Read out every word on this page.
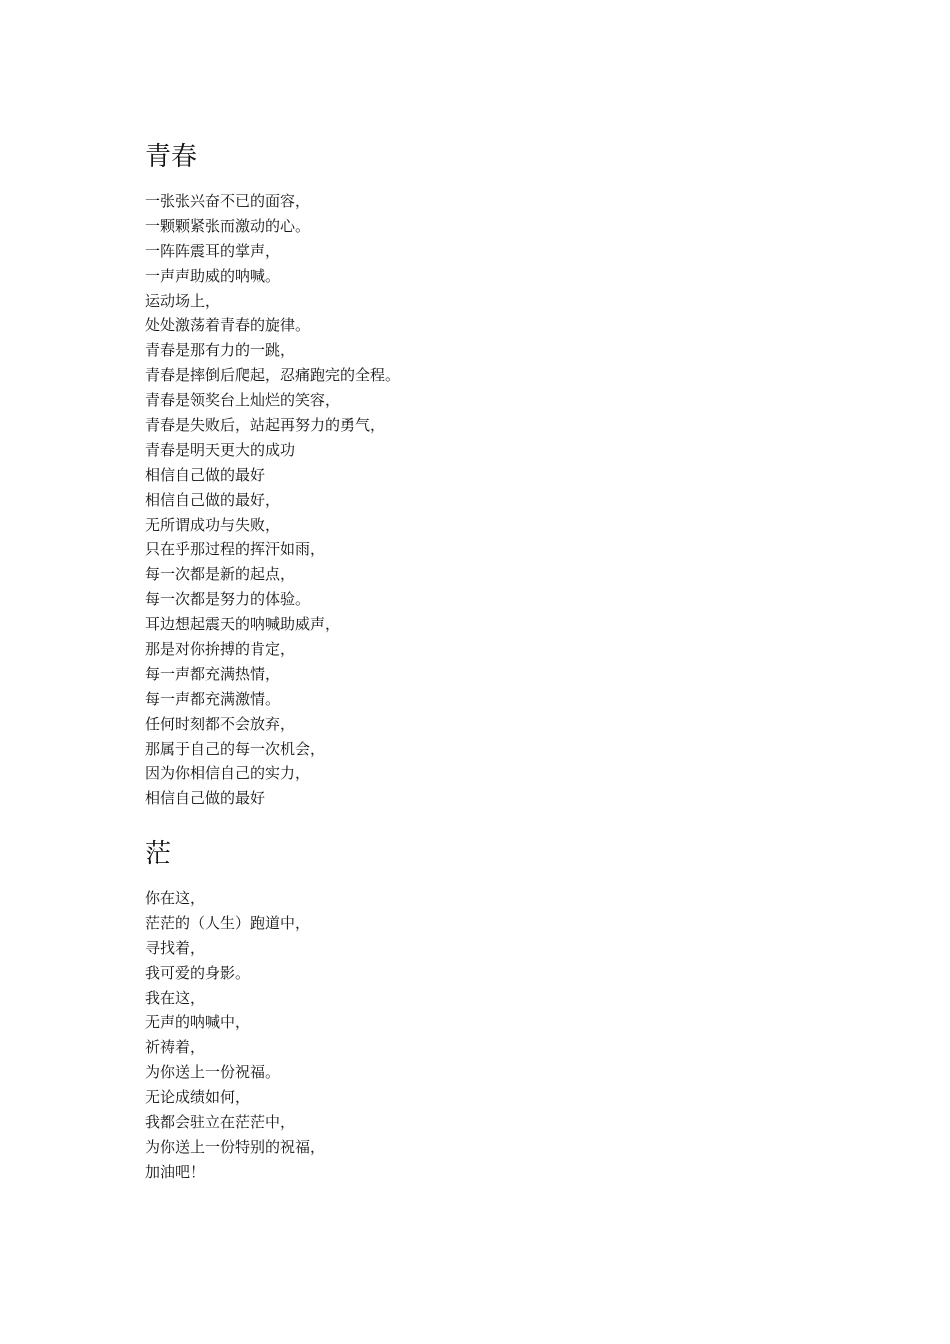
青春
一张张兴奋不已的面容，
一颗颗紧张而激动的心。
一阵阵震耳的掌声，
一声声助威的呐喊。
运动场上，
处处激荡着青春的旋律。
青春是那有力的一跳，
青春是摔倒后爬起，忍痛跑完的全程。
青春是领奖台上灿烂的笑容，
青春是失败后，站起再努力的勇气，
青春是明天更大的成功
相信自己做的最好
相信自己做的最好，
无所谓成功与失败，
只在乎那过程的挥汗如雨，
每一次都是新的起点，
每一次都是努力的体验。
耳边想起震天的呐喊助威声，
那是对你拚搏的肯定，
每一声都充满热情，
每一声都充满激情。
任何时刻都不会放弃，
那属于自己的每一次机会，
因为你相信自己的实力，
相信自己做的最好
茫
你在这，
茫茫的（人生）跑道中，
寻找着，
我可爱的身影。
我在这，
无声的呐喊中，
祈祷着，
为你送上一份祝福。
无论成绩如何，
我都会驻立在茫茫中，
为你送上一份特别的祝福，
加油吧！
